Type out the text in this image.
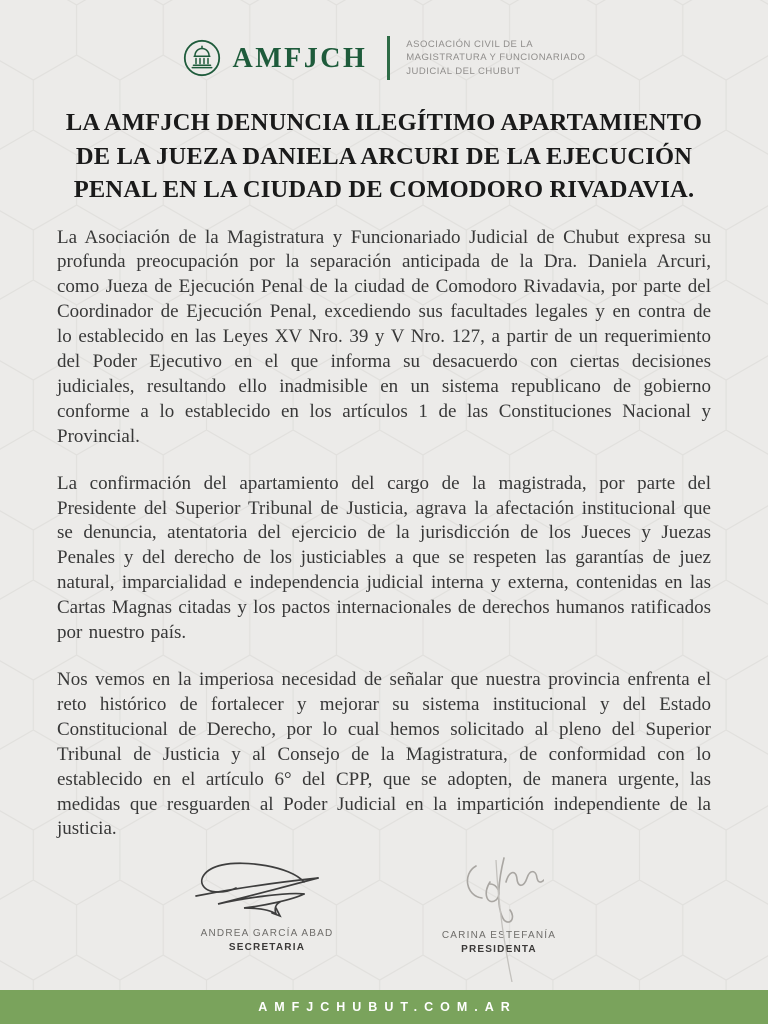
AMFJCH	ASOCIACIÓN CIVIL DE LA
MAGISTRATURA Y FUNCIONARIADO
JUDICIAL DEL CHUBUT
LA AMFJCH DENUNCIA ILEGÍTIMO APARTAMIENTO
DE LA JUEZA DANIELA ARCURI DE LA EJECUCIÓN
PENAL EN LA CIUDAD DE COMODORO RIVADAVIA.

La Asociación de la Magistratura y Funcionariado Judicial de Chubut expresa su profunda preocupación por la separación anticipada de la Dra. Daniela Arcuri, como Jueza de Ejecución Penal de la ciudad de Comodoro Rivadavia, por parte del Coordinador de Ejecución Penal, excediendo sus facultades legales y en contra de lo establecido en las Leyes XV Nro. 39 y V Nro. 127, a partir de un requerimiento del Poder Ejecutivo en el que informa su desacuerdo con ciertas decisiones judiciales, resultando ello inadmisible en un sistema republicano de gobierno conforme a lo establecido en los artículos 1 de las Constituciones Nacional y Provincial.

La confirmación del apartamiento del cargo de la magistrada, por parte del Presidente del Superior Tribunal de Justicia, agrava la afectación institucional que se denuncia, atentatoria del ejercicio de la jurisdicción de los Jueces y Juezas Penales y del derecho de los justiciables a que se respeten las garantías de juez natural, imparcialidad e independencia judicial interna y externa, contenidas en las Cartas Magnas citadas y los pactos internacionales de derechos humanos ratificados por nuestro país.

Nos vemos en la imperiosa necesidad de señalar que nuestra provincia enfrenta el reto histórico de fortalecer y mejorar su sistema institucional y del Estado Constitucional de Derecho, por lo cual hemos solicitado al pleno del Superior Tribunal de Justicia y al Consejo de la Magistratura, de conformidad con lo establecido en el artículo 6° del CPP, que se adopten, de manera urgente, las medidas que resguarden al Poder Judicial en la impartición independiente de la justicia.

ANDREA GARCÍA ABAD
SECRETARIA
CARINA ESTEFANÍA
PRESIDENTA
AMFJCHUBUT.COM.AR
